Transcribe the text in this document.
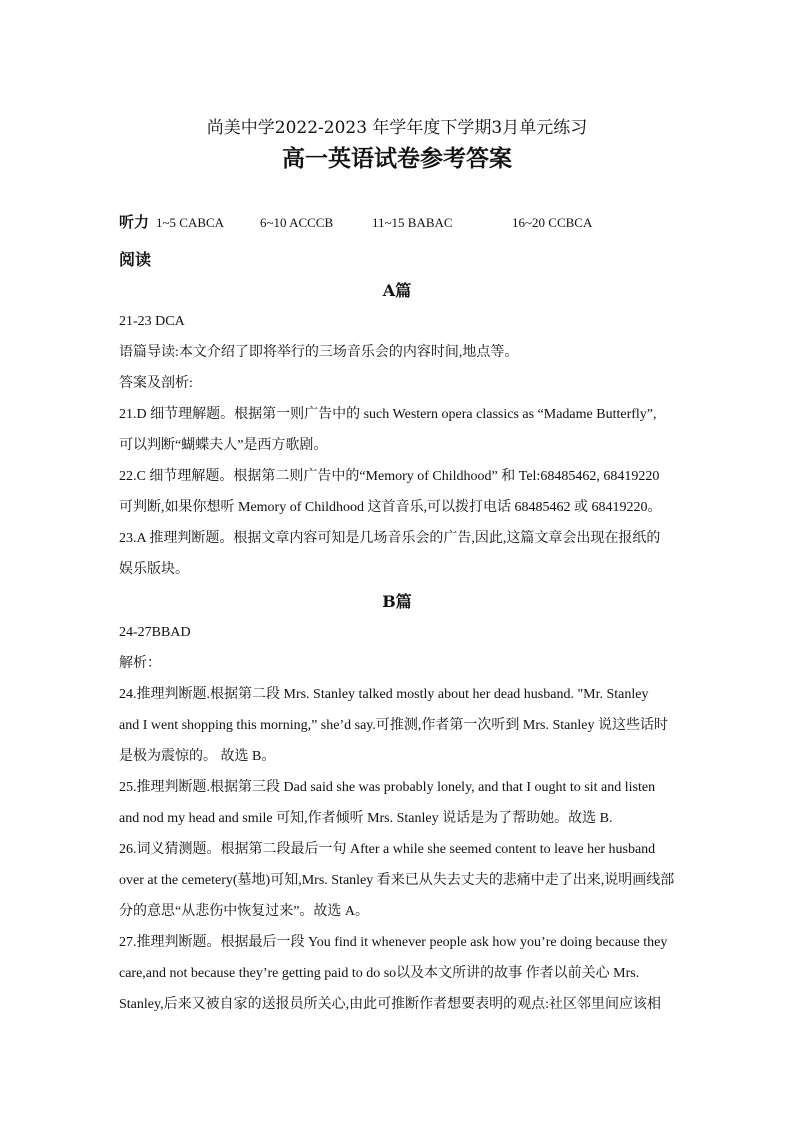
尚美中学2022-2023 年学年度下学期3月单元练习
高一英语试卷参考答案
听力 1~5 CABCA	6~10 ACCCB	11~15 BABAC	16~20 CCBCA
阅读
A篇
21-23 DCA
语篇导读:本文介绍了即将举行的三场音乐会的内容时间,地点等。
答案及剖析:
21.D 细节理解题。根据第一则广告中的 such Western opera classics as “Madame Butterfly”,
可以判断“蝴蝶夫人”是西方歌剧。
22.C 细节理解题。根据第二则广告中的“Memory of Childhood” 和 Tel:68485462, 68419220
可判断,如果你想听 Memory of Childhood 这首音乐,可以拨打电话 68485462 或 68419220。
23.A 推理判断题。根据文章内容可知是几场音乐会的广告,因此,这篇文章会出现在报纸的
娱乐版块。
B篇
24-27BBAD
解析：
24.推理判断题.根据第二段 Mrs. Stanley talked mostly about her dead husband. "Mr. Stanley
and I went shopping this morning,” she’d say.可推测,作者第一次听到 Mrs. Stanley 说这些话时
是极为震惊的。 故选 B。
25.推理判断题.根据第三段 Dad said she was probably lonely, and that I ought to sit and listen
and nod my head and smile 可知,作者倾听 Mrs. Stanley 说话是为了帮助她。故选 B.
26.词义猜测题。根据第二段最后一句 After a while she seemed content to leave her husband
over at the cemetery(墓地)可知,Mrs. Stanley 看来已从失去丈夫的悲痛中走了出来,说明画线部
分的意思“从悲伤中恢复过来”。故选 A。
27.推理判断题。根据最后一段 You find it whenever people ask how you’re doing because they
care,and not because they’re getting paid to do so以及本文所讲的故事 作者以前关心 Mrs.
Stanley,后来又被自家的送报员所关心,由此可推断作者想要表明的观点:社区邻里间应该相
